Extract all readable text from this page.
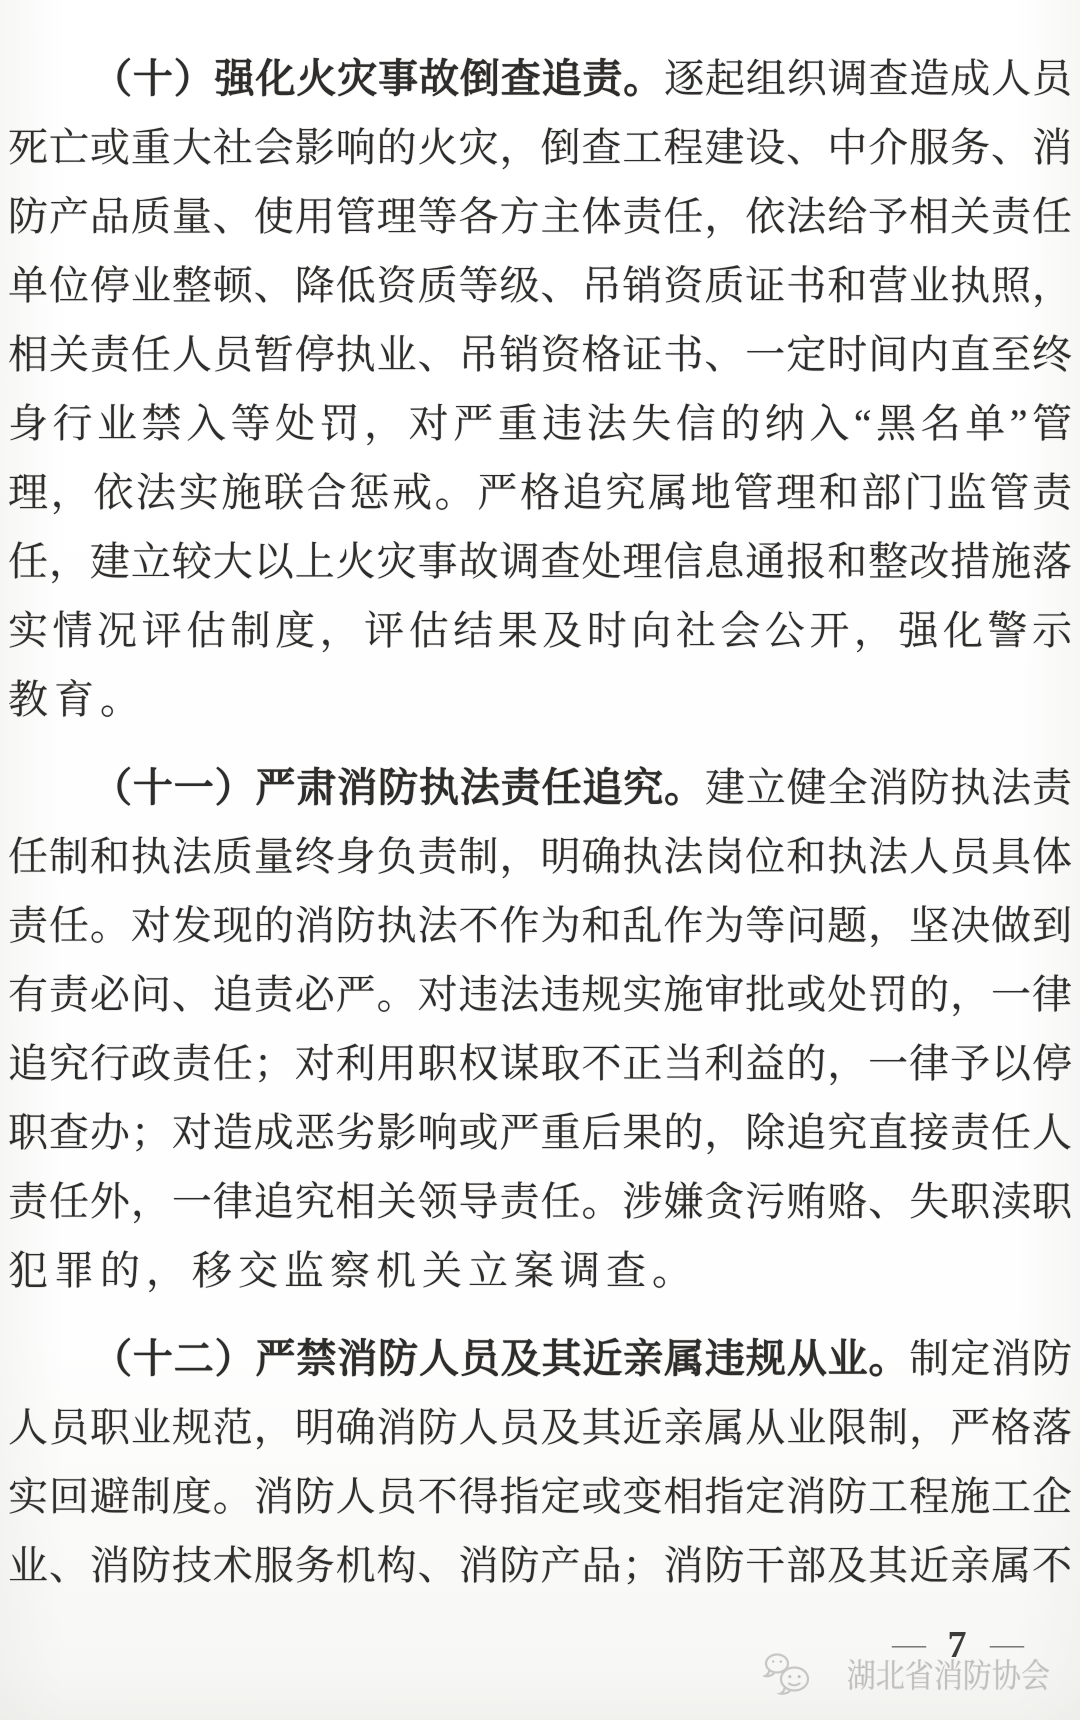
（十）强化火灾事故倒查追责。逐起组织调查造成人员
死亡或重大社会影响的火灾，倒查工程建设、中介服务、消
防产品质量、使用管理等各方主体责任，依法给予相关责任
单位停业整顿、降低资质等级、吊销资质证书和营业执照，
相关责任人员暂停执业、吊销资格证书、一定时间内直至终
身行业禁入等处罚，对严重违法失信的纳入“黑名单”管
理，依法实施联合惩戒。严格追究属地管理和部门监管责
任，建立较大以上火灾事故调查处理信息通报和整改措施落
实情况评估制度，评估结果及时向社会公开，强化警示
教育。
（十一）严肃消防执法责任追究。建立健全消防执法责
任制和执法质量终身负责制，明确执法岗位和执法人员具体
责任。对发现的消防执法不作为和乱作为等问题，坚决做到
有责必问、追责必严。对违法违规实施审批或处罚的，一律
追究行政责任；对利用职权谋取不正当利益的，一律予以停
职查办；对造成恶劣影响或严重后果的，除追究直接责任人
责任外，一律追究相关领导责任。涉嫌贪污贿赂、失职渎职
犯罪的，移交监察机关立案调查。
（十二）严禁消防人员及其近亲属违规从业。制定消防
人员职业规范，明确消防人员及其近亲属从业限制，严格落
实回避制度。消防人员不得指定或变相指定消防工程施工企
业、消防技术服务机构、消防产品；消防干部及其近亲属不
— 7 —
湖北省消防协会
